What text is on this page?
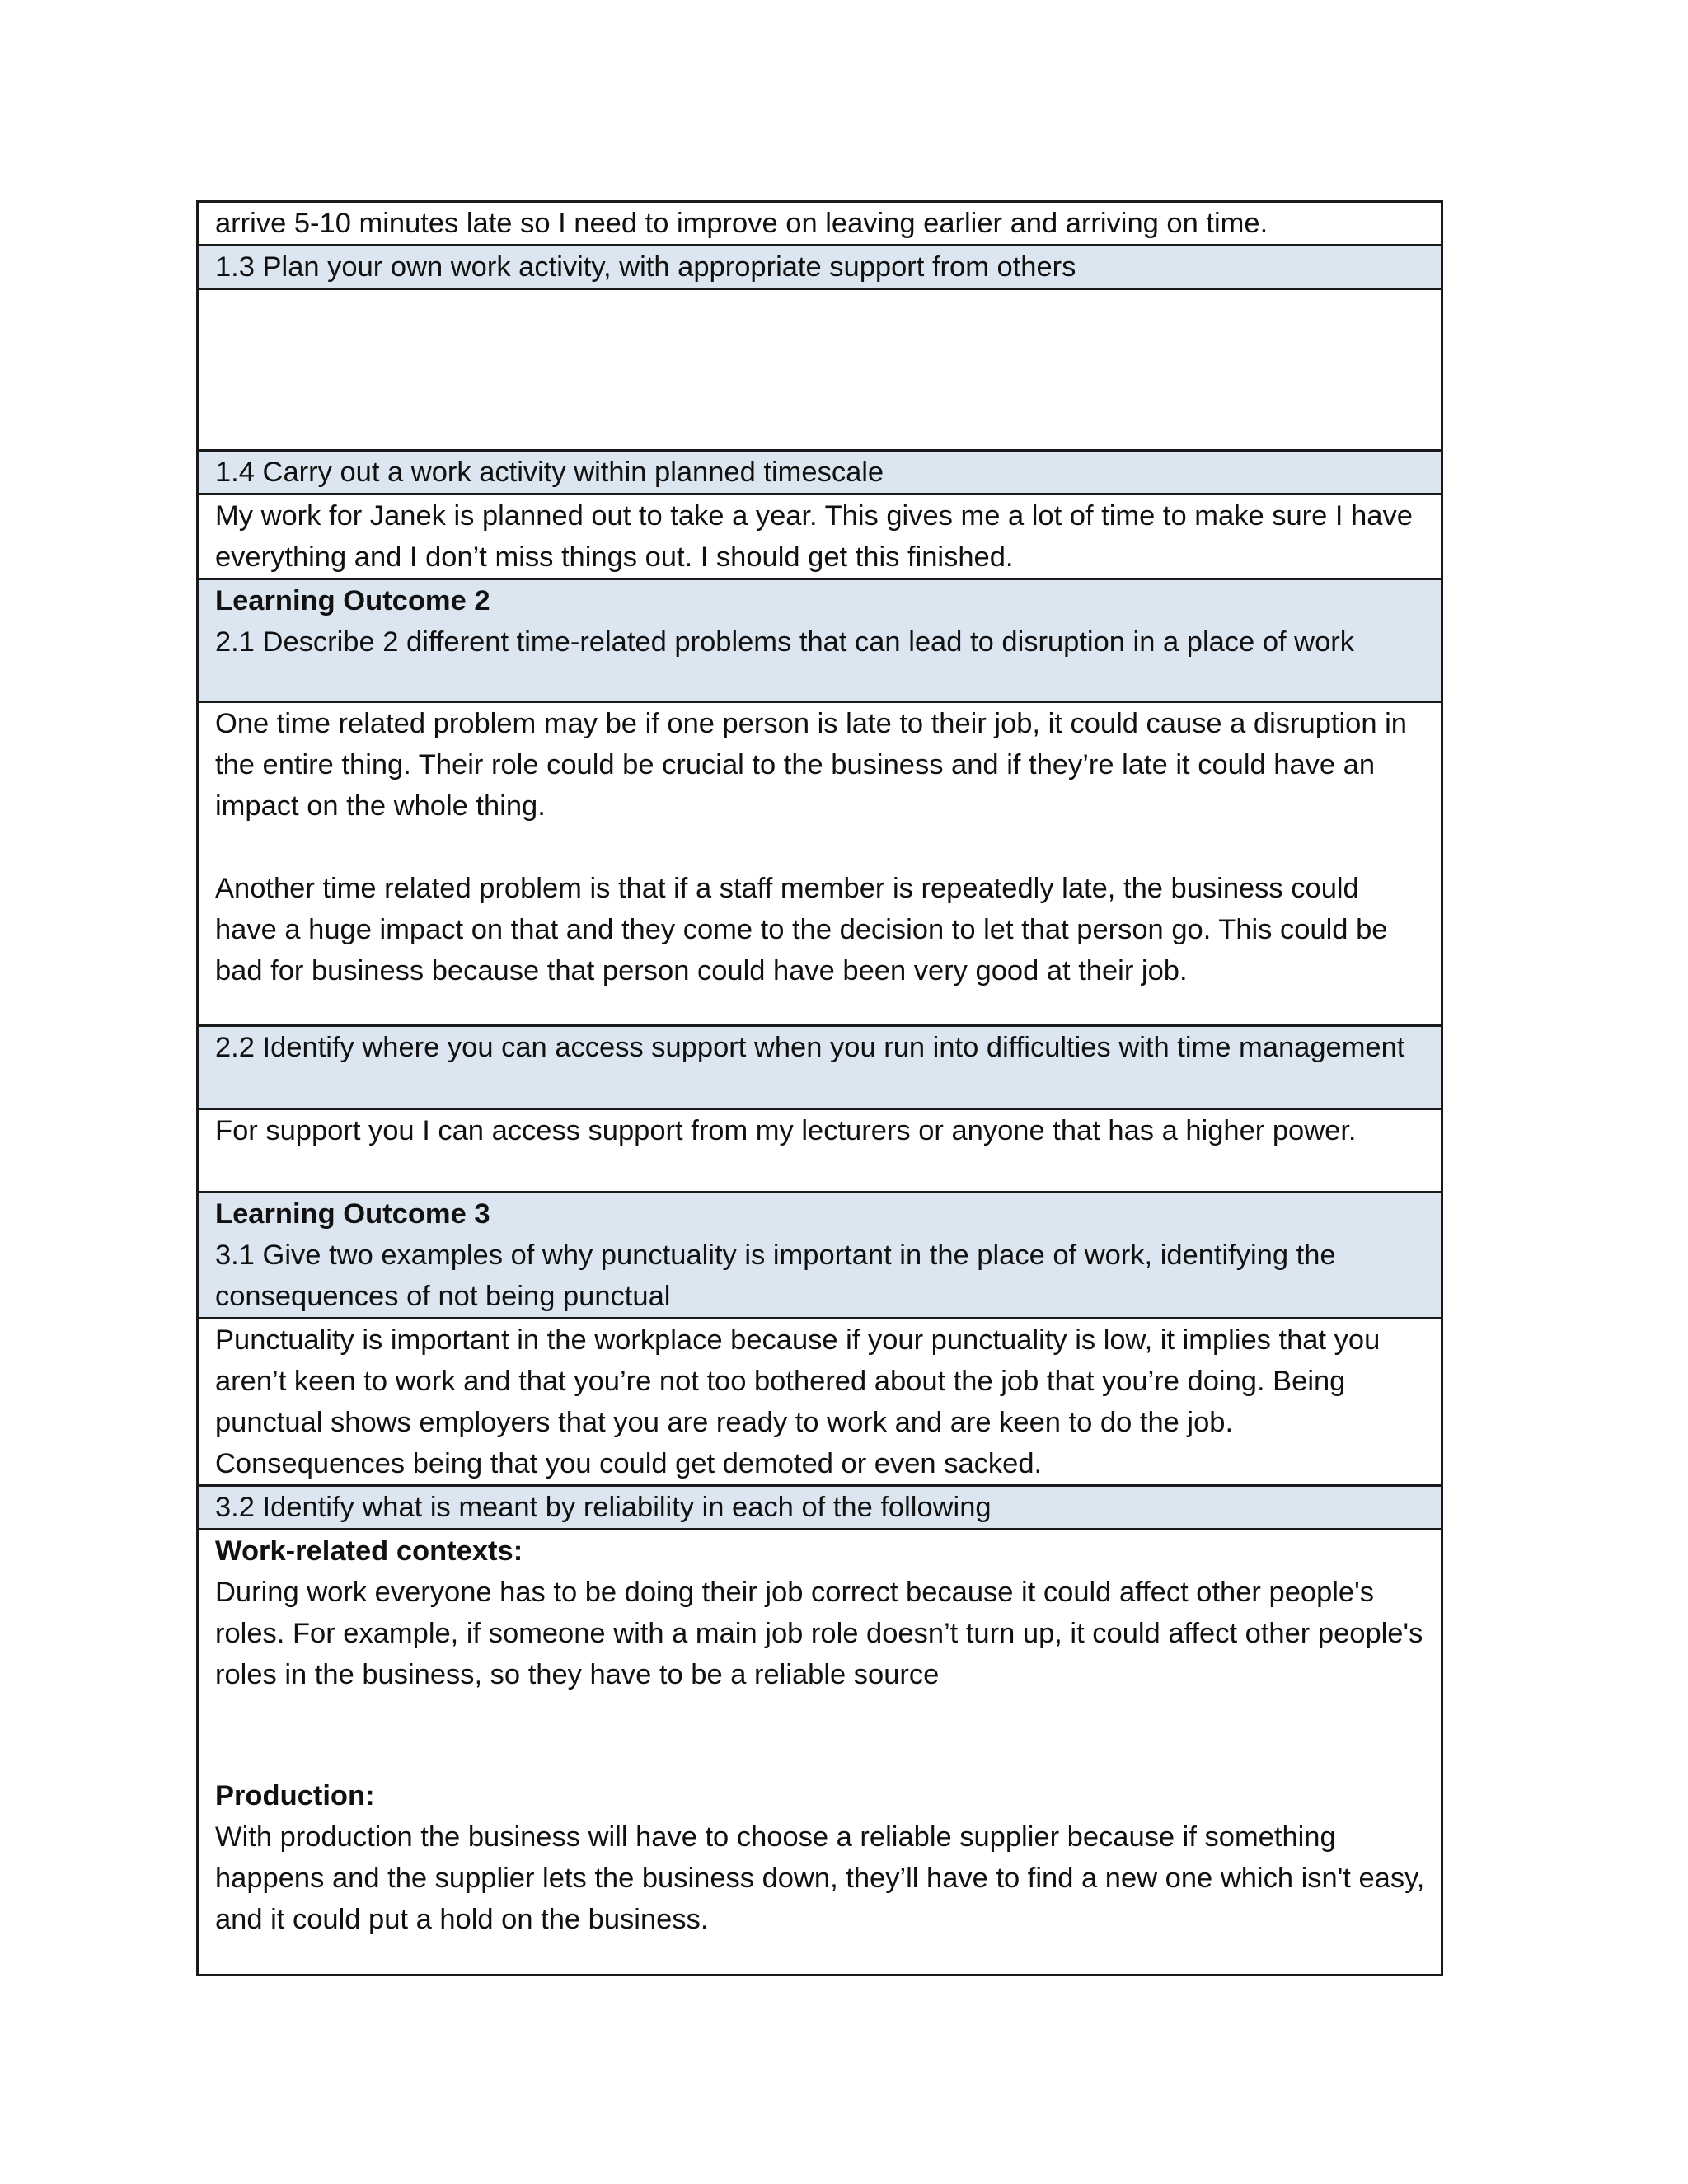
arrive 5-10 minutes late so I need to improve on leaving earlier and arriving on time.

1.3 Plan your own work activity, with appropriate support from others

1.4 Carry out a work activity within planned timescale

My work for Janek is planned out to take a year. This gives me a lot of time to make sure I have everything and I don’t miss things out. I should get this finished.

Learning Outcome 2
2.1 Describe 2 different time-related problems that can lead to disruption in a place of work

One time related problem may be if one person is late to their job, it could cause a disruption in the entire thing. Their role could be crucial to the business and if they’re late it could have an impact on the whole thing.
Another time related problem is that if a staff member is repeatedly late, the business could have a huge impact on that and they come to the decision to let that person go. This could be bad for business because that person could have been very good at their job.

2.2 Identify where you can access support when you run into difficulties with time management

For support you I can access support from my lecturers or anyone that has a higher power.

Learning Outcome 3
3.1 Give two examples of why punctuality is important in the place of work, identifying the consequences of not being punctual

Punctuality is important in the workplace because if your punctuality is low, it implies that you aren’t keen to work and that you’re not too bothered about the job that you’re doing. Being punctual shows employers that you are ready to work and are keen to do the job. Consequences being that you could get demoted or even sacked.

3.2 Identify what is meant by reliability in each of the following

Work-related contexts:
During work everyone has to be doing their job correct because it could affect other people's roles. For example, if someone with a main job role doesn’t turn up, it could affect other people's roles in the business, so they have to be a reliable source
Production:
With production the business will have to choose a reliable supplier because if something happens and the supplier lets the business down, they’ll have to find a new one which isn't easy, and it could put a hold on the business.
